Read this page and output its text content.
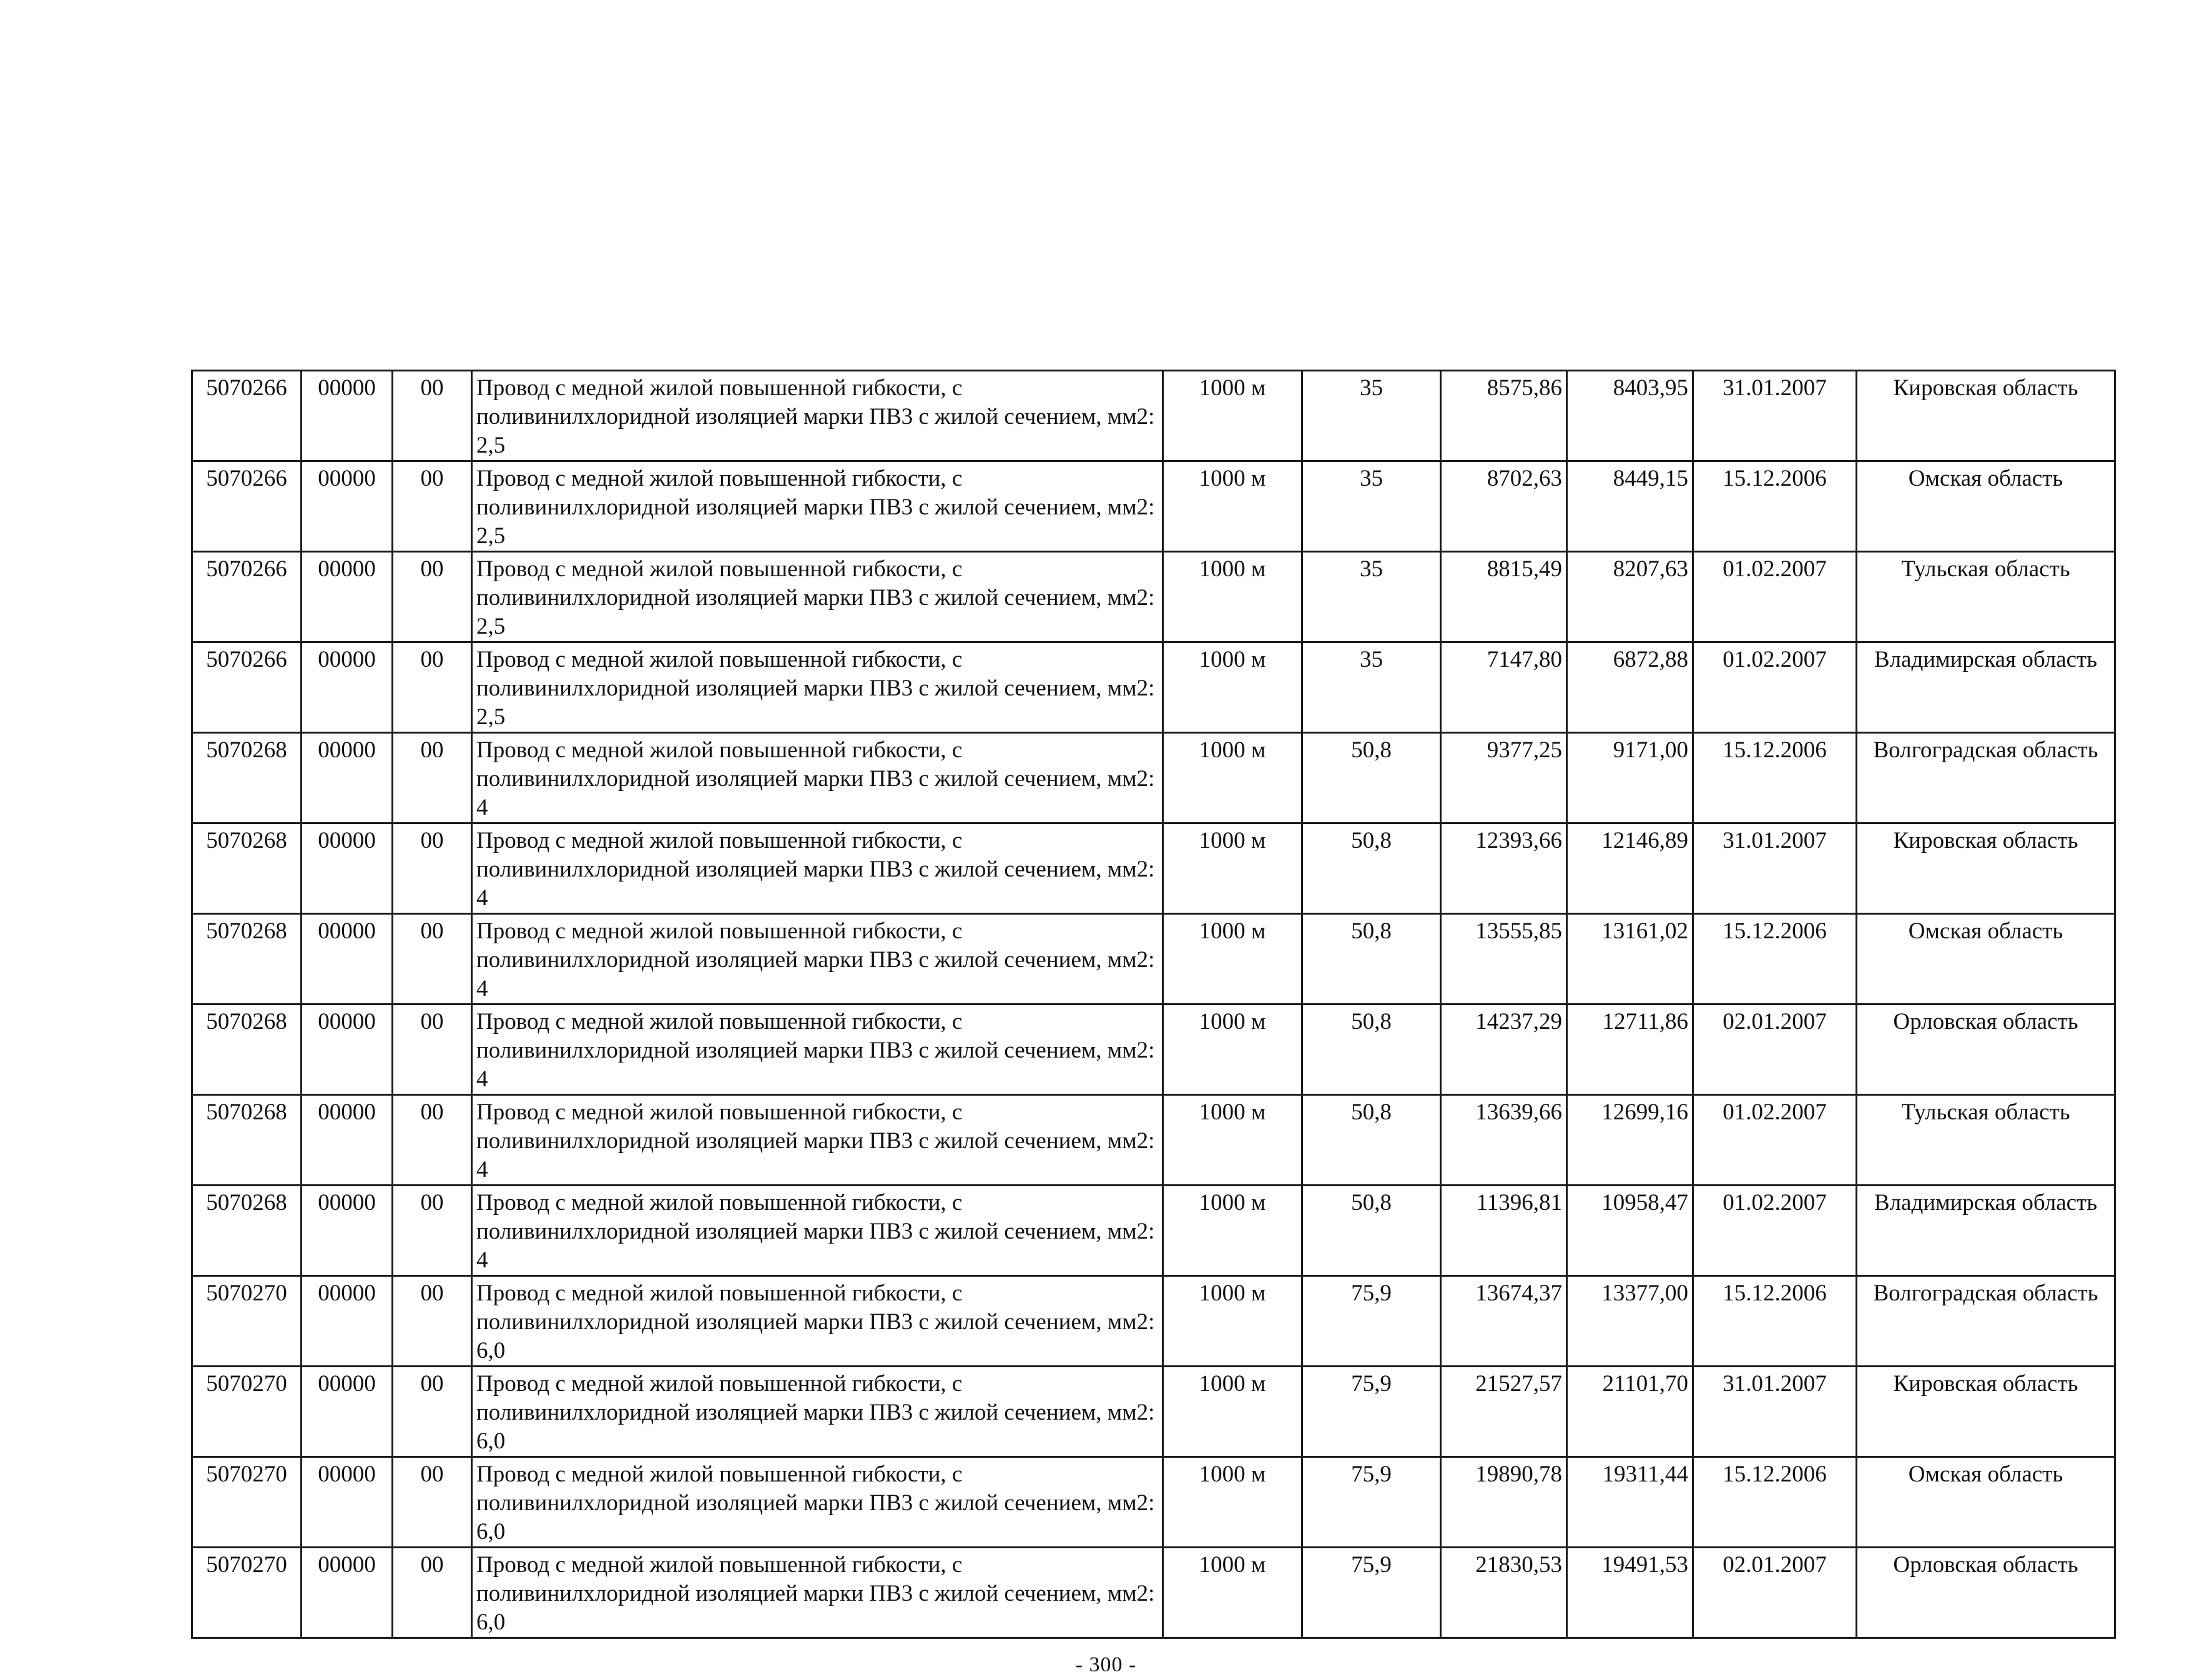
5070266	00000	00	Провод с медной жилой повышенной гибкости, с поливинилхлоридной изоляцией марки ПВ3 с жилой сечением, мм2: 2,5	1000 м	35	8575,86	8403,95	31.01.2007	Кировская область
5070266	00000	00	Провод с медной жилой повышенной гибкости, с поливинилхлоридной изоляцией марки ПВ3 с жилой сечением, мм2: 2,5	1000 м	35	8702,63	8449,15	15.12.2006	Омская область
5070266	00000	00	Провод с медной жилой повышенной гибкости, с поливинилхлоридной изоляцией марки ПВ3 с жилой сечением, мм2: 2,5	1000 м	35	8815,49	8207,63	01.02.2007	Тульская область
5070266	00000	00	Провод с медной жилой повышенной гибкости, с поливинилхлоридной изоляцией марки ПВ3 с жилой сечением, мм2: 2,5	1000 м	35	7147,80	6872,88	01.02.2007	Владимирская область
5070268	00000	00	Провод с медной жилой повышенной гибкости, с поливинилхлоридной изоляцией марки ПВ3 с жилой сечением, мм2: 4	1000 м	50,8	9377,25	9171,00	15.12.2006	Волгоградская область
5070268	00000	00	Провод с медной жилой повышенной гибкости, с поливинилхлоридной изоляцией марки ПВ3 с жилой сечением, мм2: 4	1000 м	50,8	12393,66	12146,89	31.01.2007	Кировская область
5070268	00000	00	Провод с медной жилой повышенной гибкости, с поливинилхлоридной изоляцией марки ПВ3 с жилой сечением, мм2: 4	1000 м	50,8	13555,85	13161,02	15.12.2006	Омская область
5070268	00000	00	Провод с медной жилой повышенной гибкости, с поливинилхлоридной изоляцией марки ПВ3 с жилой сечением, мм2: 4	1000 м	50,8	14237,29	12711,86	02.01.2007	Орловская область
5070268	00000	00	Провод с медной жилой повышенной гибкости, с поливинилхлоридной изоляцией марки ПВ3 с жилой сечением, мм2: 4	1000 м	50,8	13639,66	12699,16	01.02.2007	Тульская область
5070268	00000	00	Провод с медной жилой повышенной гибкости, с поливинилхлоридной изоляцией марки ПВ3 с жилой сечением, мм2: 4	1000 м	50,8	11396,81	10958,47	01.02.2007	Владимирская область
5070270	00000	00	Провод с медной жилой повышенной гибкости, с поливинилхлоридной изоляцией марки ПВ3 с жилой сечением, мм2: 6,0	1000 м	75,9	13674,37	13377,00	15.12.2006	Волгоградская область
5070270	00000	00	Провод с медной жилой повышенной гибкости, с поливинилхлоридной изоляцией марки ПВ3 с жилой сечением, мм2: 6,0	1000 м	75,9	21527,57	21101,70	31.01.2007	Кировская область
5070270	00000	00	Провод с медной жилой повышенной гибкости, с поливинилхлоридной изоляцией марки ПВ3 с жилой сечением, мм2: 6,0	1000 м	75,9	19890,78	19311,44	15.12.2006	Омская область
5070270	00000	00	Провод с медной жилой повышенной гибкости, с поливинилхлоридной изоляцией марки ПВ3 с жилой сечением, мм2: 6,0	1000 м	75,9	21830,53	19491,53	02.01.2007	Орловская область
- 300 -
